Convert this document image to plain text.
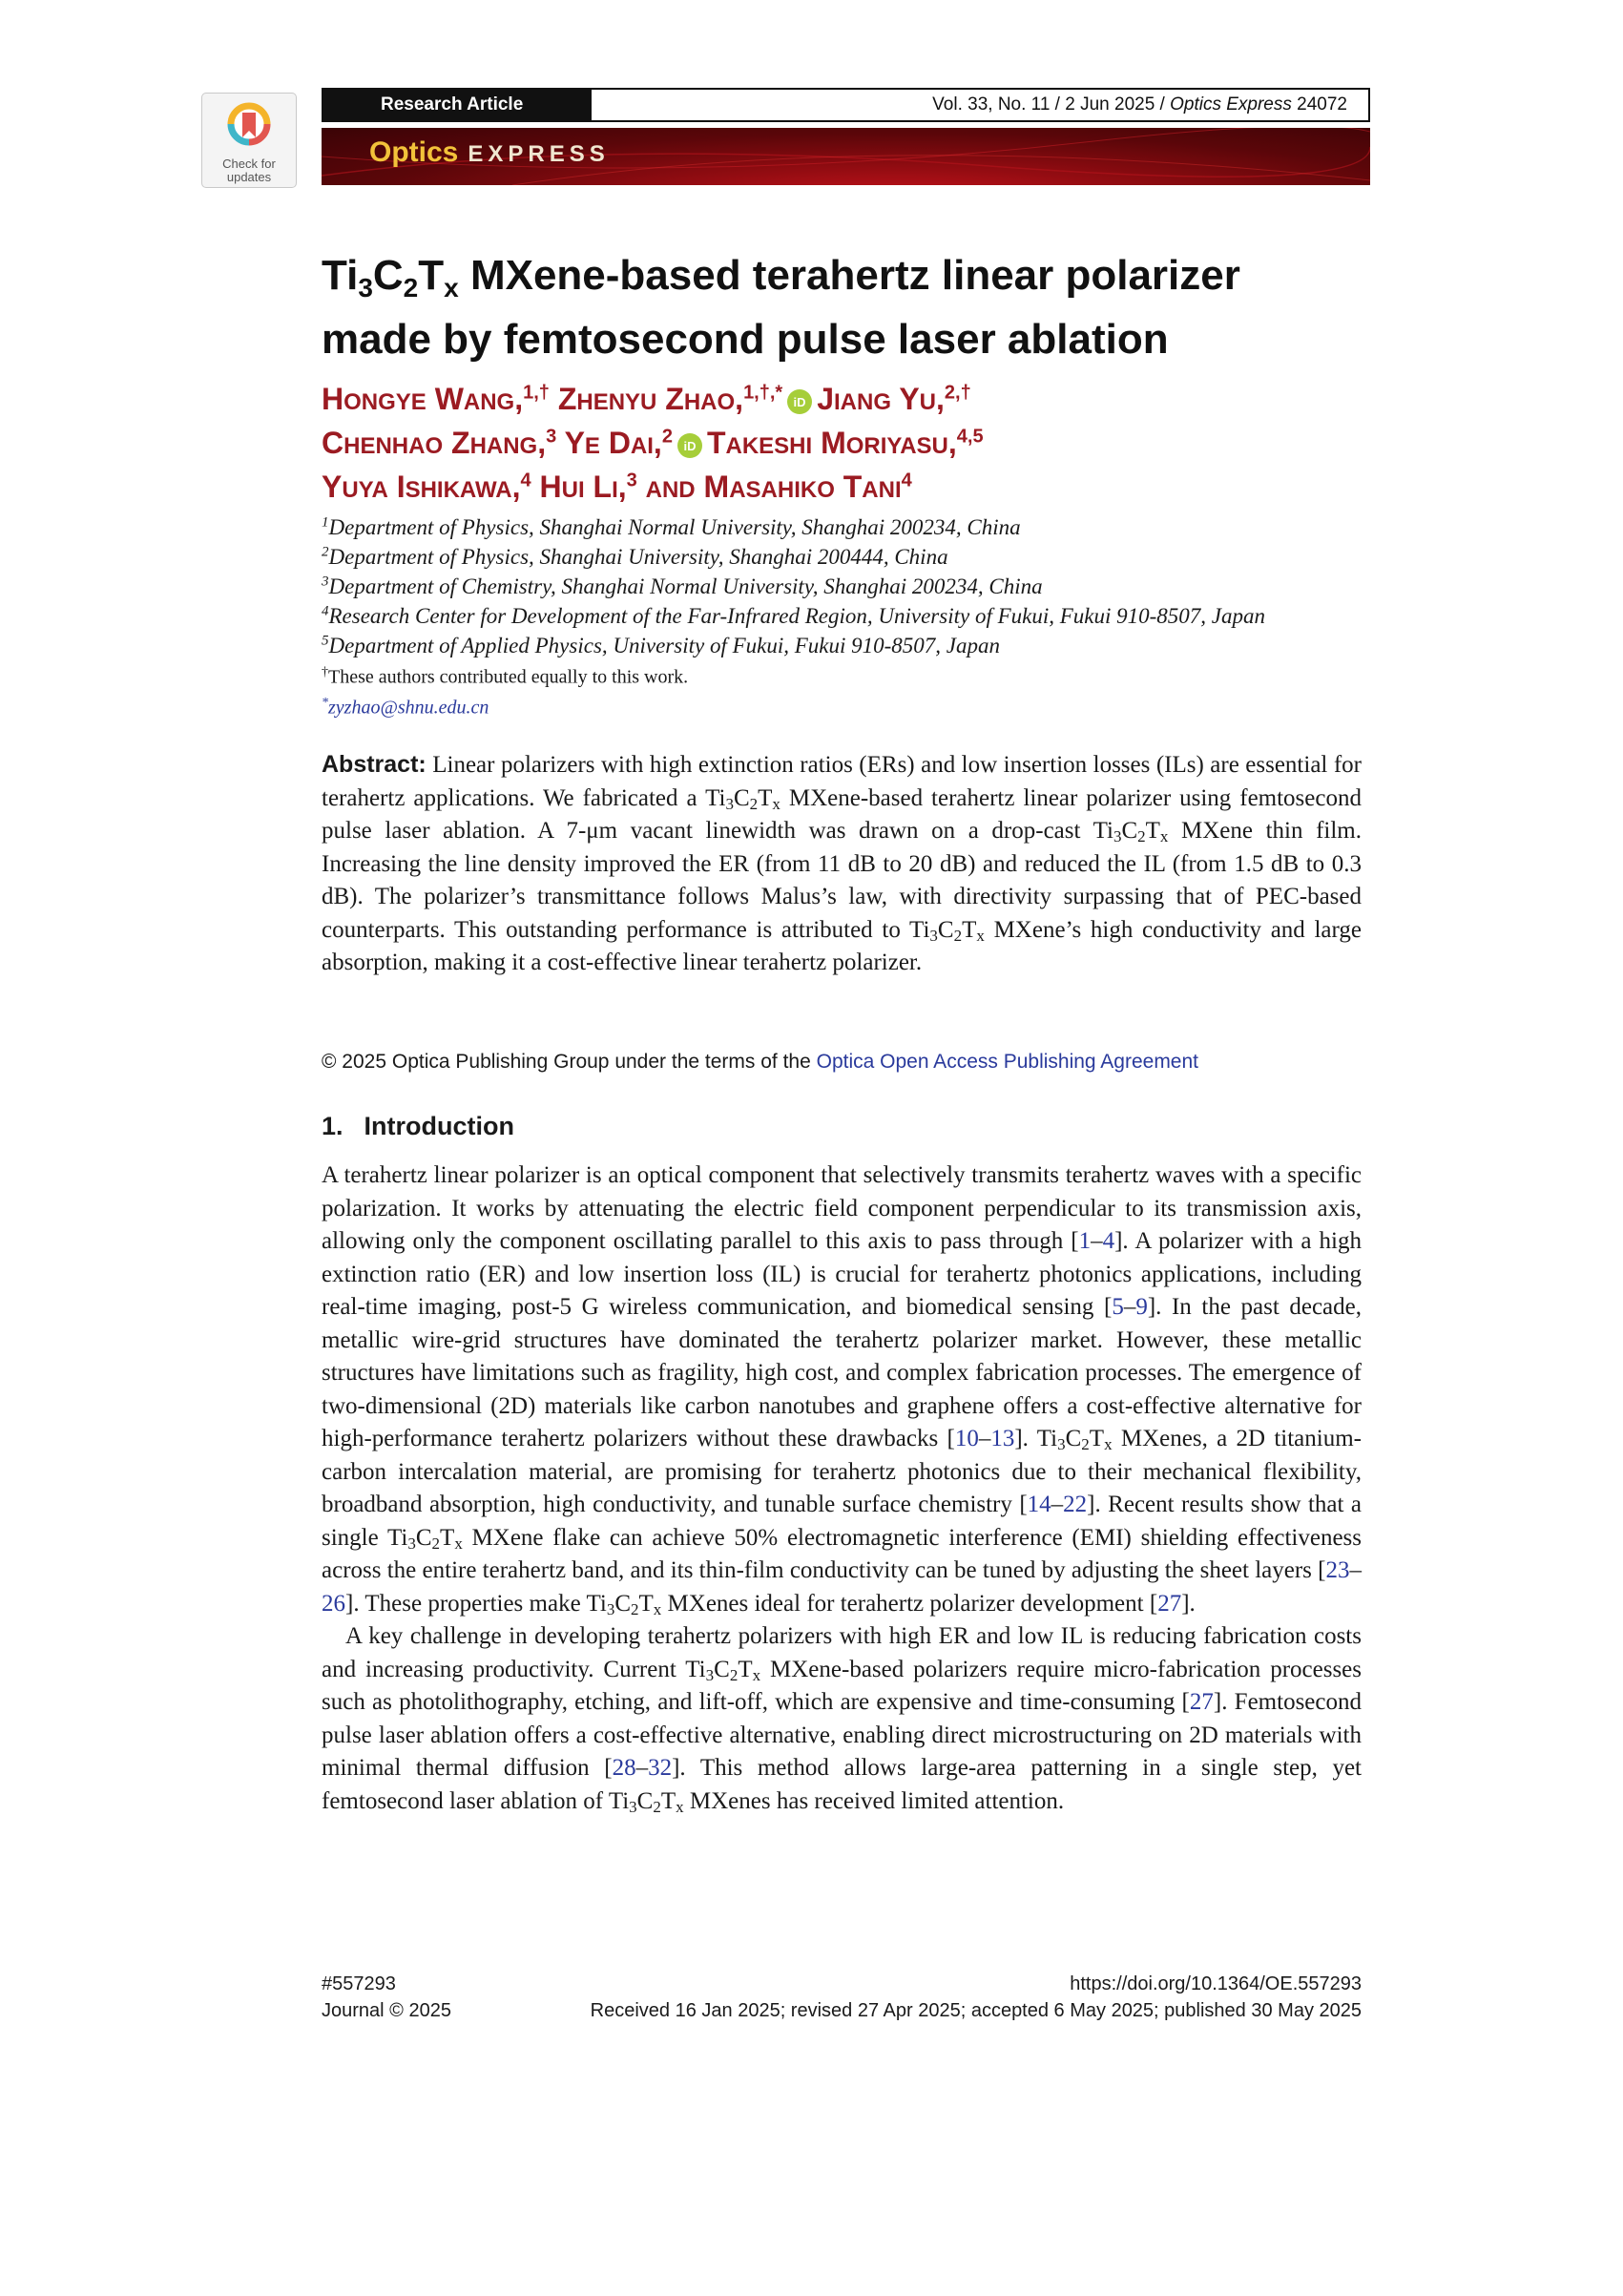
Check for
updates
Research Article	Vol. 33, No. 11 / 2 Jun 2025 / Optics Express 24072
Optics EXPRESS
$Ti_3C_2T_x$ MXene-based terahertz linear polarizer
made by femtosecond pulse laser ablation
HONGYE WANG,$^{1,\dagger}$ ZHENYU ZHAO,$^{1,\dagger,*}$ iD JIANG YU,$^{2,\dagger}$
CHENHAO ZHANG,$^3$ YE DAI,$^2$ iD TAKESHI MORIYASU,$^{4,5}$
YUYA ISHIKAWA,$^4$ HUI LI,$^3$ AND MASAHIKO TANI$^4$
$^1$Department of Physics, Shanghai Normal University, Shanghai 200234, China
$^2$Department of Physics, Shanghai University, Shanghai 200444, China
$^3$Department of Chemistry, Shanghai Normal University, Shanghai 200234, China
$^4$Research Center for Development of the Far-Infrared Region, University of Fukui, Fukui 910-8507, Japan
$^5$Department of Applied Physics, University of Fukui, Fukui 910-8507, Japan
†These authors contributed equally to this work.
*zyzhao@shnu.edu.cn
Abstract: Linear polarizers with high extinction ratios (ERs) and low insertion losses (ILs) are essential for terahertz applications. We fabricated a Ti3C2Tx MXene-based terahertz linear polarizer using femtosecond pulse laser ablation. A 7-μm vacant linewidth was drawn on a drop-cast Ti3C2Tx MXene thin film. Increasing the line density improved the ER (from 11 dB to 20 dB) and reduced the IL (from 1.5 dB to 0.3 dB). The polarizer’s transmittance follows Malus’s law, with directivity surpassing that of PEC-based counterparts. This outstanding performance is attributed to Ti3C2Tx MXene’s high conductivity and large absorption, making it a cost-effective linear terahertz polarizer.
© 2025 Optica Publishing Group under the terms of the Optica Open Access Publishing Agreement
1. Introduction

A terahertz linear polarizer is an optical component that selectively transmits terahertz waves with a specific polarization. It works by attenuating the electric field component perpendicular to its transmission axis, allowing only the component oscillating parallel to this axis to pass through [1–4]. A polarizer with a high extinction ratio (ER) and low insertion loss (IL) is crucial for terahertz photonics applications, including real-time imaging, post-5 G wireless communication, and biomedical sensing [5–9]. In the past decade, metallic wire-grid structures have dominated the terahertz polarizer market. However, these metallic structures have limitations such as fragility, high cost, and complex fabrication processes. The emergence of two-dimensional (2D) materials like carbon nanotubes and graphene offers a cost-effective alternative for high-performance terahertz polarizers without these drawbacks [10–13]. Ti3C2Tx MXenes, a 2D titanium-carbon intercalation material, are promising for terahertz photonics due to their mechanical flexibility, broadband absorption, high conductivity, and tunable surface chemistry [14–22]. Recent results show that a single Ti3C2Tx MXene flake can achieve 50% electromagnetic interference (EMI) shielding effectiveness across the entire terahertz band, and its thin-film conductivity can be tuned by adjusting the sheet layers [23–26]. These properties make Ti3C2Tx MXenes ideal for terahertz polarizer development [27].

A key challenge in developing terahertz polarizers with high ER and low IL is reducing fabrication costs and increasing productivity. Current Ti3C2Tx MXene-based polarizers require micro-fabrication processes such as photolithography, etching, and lift-off, which are expensive and time-consuming [27]. Femtosecond pulse laser ablation offers a cost-effective alternative, enabling direct microstructuring on 2D materials with minimal thermal diffusion [28–32]. This method allows large-area patterning in a single step, yet femtosecond laser ablation of Ti3C2Tx MXenes has received limited attention.

#557293	https://doi.org/10.1364/OE.557293
Journal © 2025	Received 16 Jan 2025; revised 27 Apr 2025; accepted 6 May 2025; published 30 May 2025
